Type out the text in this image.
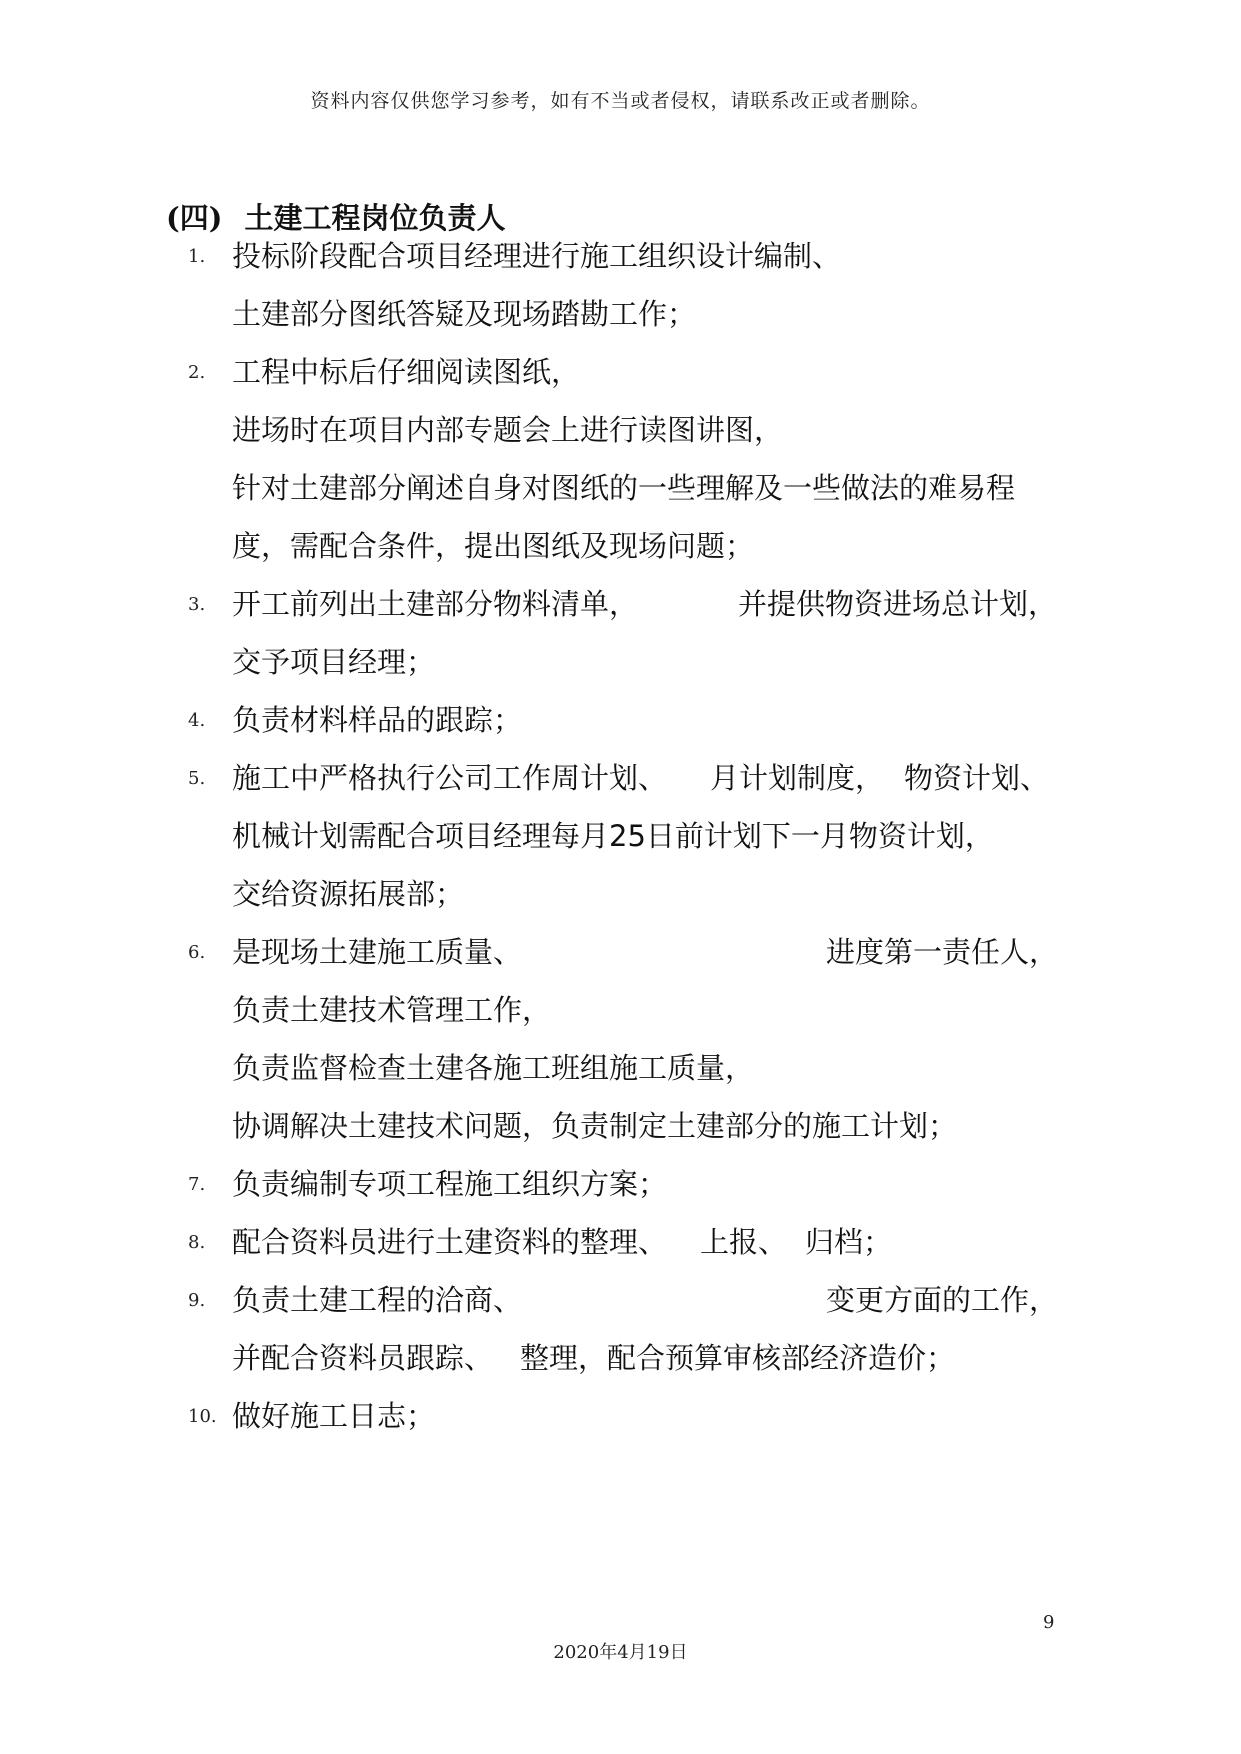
资料内容仅供您学习参考，如有不当或者侵权，请联系改正或者删除。
(四) 土建工程岗位负责人
1. 投标阶段配合项目经理进行施工组织设计编制、
土建部分图纸答疑及现场踏勘工作；
2. 工程中标后仔细阅读图纸，
进场时在项目内部专题会上进行读图讲图，
针对土建部分阐述自身对图纸的一些理解及一些做法的难易程
度，需配合条件，提出图纸及现场问题；
3. 开工前列出土建部分物料清单，	并提供物资进场总计划，
交予项目经理；
4. 负责材料样品的跟踪；
5. 施工中严格执行公司工作周计划、 月计划制度， 物资计划、
机械计划需配合项目经理每月25日前计划下一月物资计划，
交给资源拓展部；
6. 是现场土建施工质量、	进度第一责任人，
负责土建技术管理工作，
负责监督检查土建各施工班组施工质量，
协调解决土建技术问题，负责制定土建部分的施工计划；
7. 负责编制专项工程施工组织方案；
8. 配合资料员进行土建资料的整理、 上报、 归档；
9. 负责土建工程的洽商、	变更方面的工作，
并配合资料员跟踪、 整理，配合预算审核部经济造价；
10. 做好施工日志；
9
2020年4月19日
